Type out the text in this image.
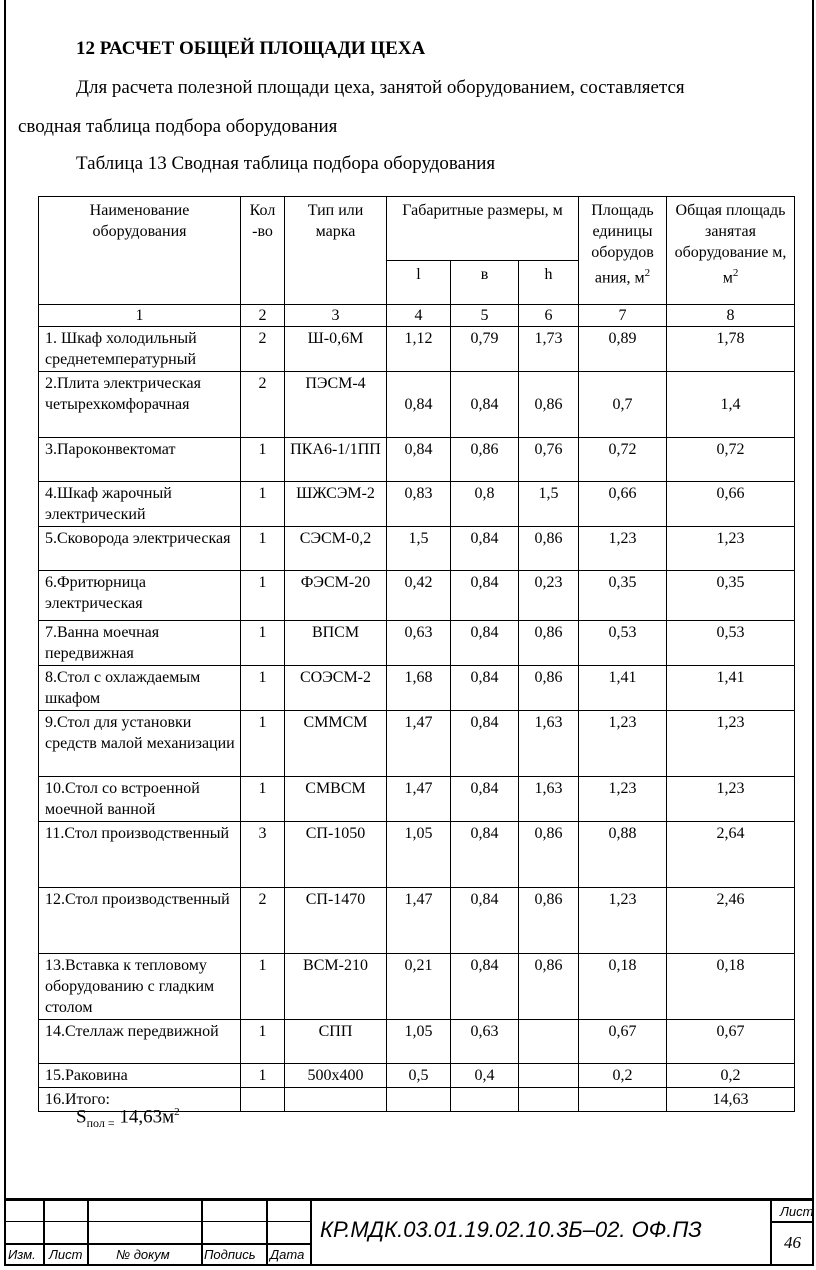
12 РАСЧЕТ ОБЩЕЙ ПЛОЩАДИ ЦЕХА
Для расчета полезной площади цеха, занятой оборудованием, составляется
сводная таблица подбора оборудования
Таблица 13 Сводная таблица подбора оборудования
Наименование оборудования	Кол -во	Тип или марка	Габаритные размеры, м			Площадь единицы оборудов ания, $м^2$	Общая площадь занятая оборудование м, $м^2$
			l	в	h		
1	2	3	4	5	6	7	8
1. Шкаф холодильный среднетемпературный	2	Ш-0,6М	1,12	0,79	1,73	0,89	1,78
2.Плита электрическая четырехкомфорачная	2	ПЭСМ-4	0,84	0,84	0,86	0,7	1,4
3.Пароконвектомат	1	ПКА6-1/1ПП	0,84	0,86	0,76	0,72	0,72
4.Шкаф жарочный электрический	1	ШЖСЭМ-2	0,83	0,8	1,5	0,66	0,66
5.Сковорода электрическая	1	СЭСМ-0,2	1,5	0,84	0,86	1,23	1,23
6.Фритюрница электрическая	1	ФЭСМ-20	0,42	0,84	0,23	0,35	0,35
7.Ванна моечная передвижная	1	ВПСМ	0,63	0,84	0,86	0,53	0,53
8.Стол с охлаждаемым шкафом	1	СОЭСМ-2	1,68	0,84	0,86	1,41	1,41
9.Стол для установки средств малой механизации	1	СММСМ	1,47	0,84	1,63	1,23	1,23
10.Стол со встроенной моечной ванной	1	СМВСМ	1,47	0,84	1,63	1,23	1,23
11.Стол производственный	3	СП-1050	1,05	0,84	0,86	0,88	2,64
12.Стол производственный	2	СП-1470	1,47	0,84	0,86	1,23	2,46
13.Вставка к тепловому оборудованию с гладким столом	1	ВСМ-210	0,21	0,84	0,86	0,18	0,18
14.Стеллаж передвижной	1	СПП	1,05	0,63		0,67	0,67
15.Раковина	1	500х400	0,5	0,4		0,2	0,2
16.Итого:							14,63
$S_{пол =}$ $14,63м^2$
Изм. Лист	№ докум	Подпись Дата
КР.МДК.03.01.19.02.10.3Б–02. ОФ.ПЗ
Лист
46
